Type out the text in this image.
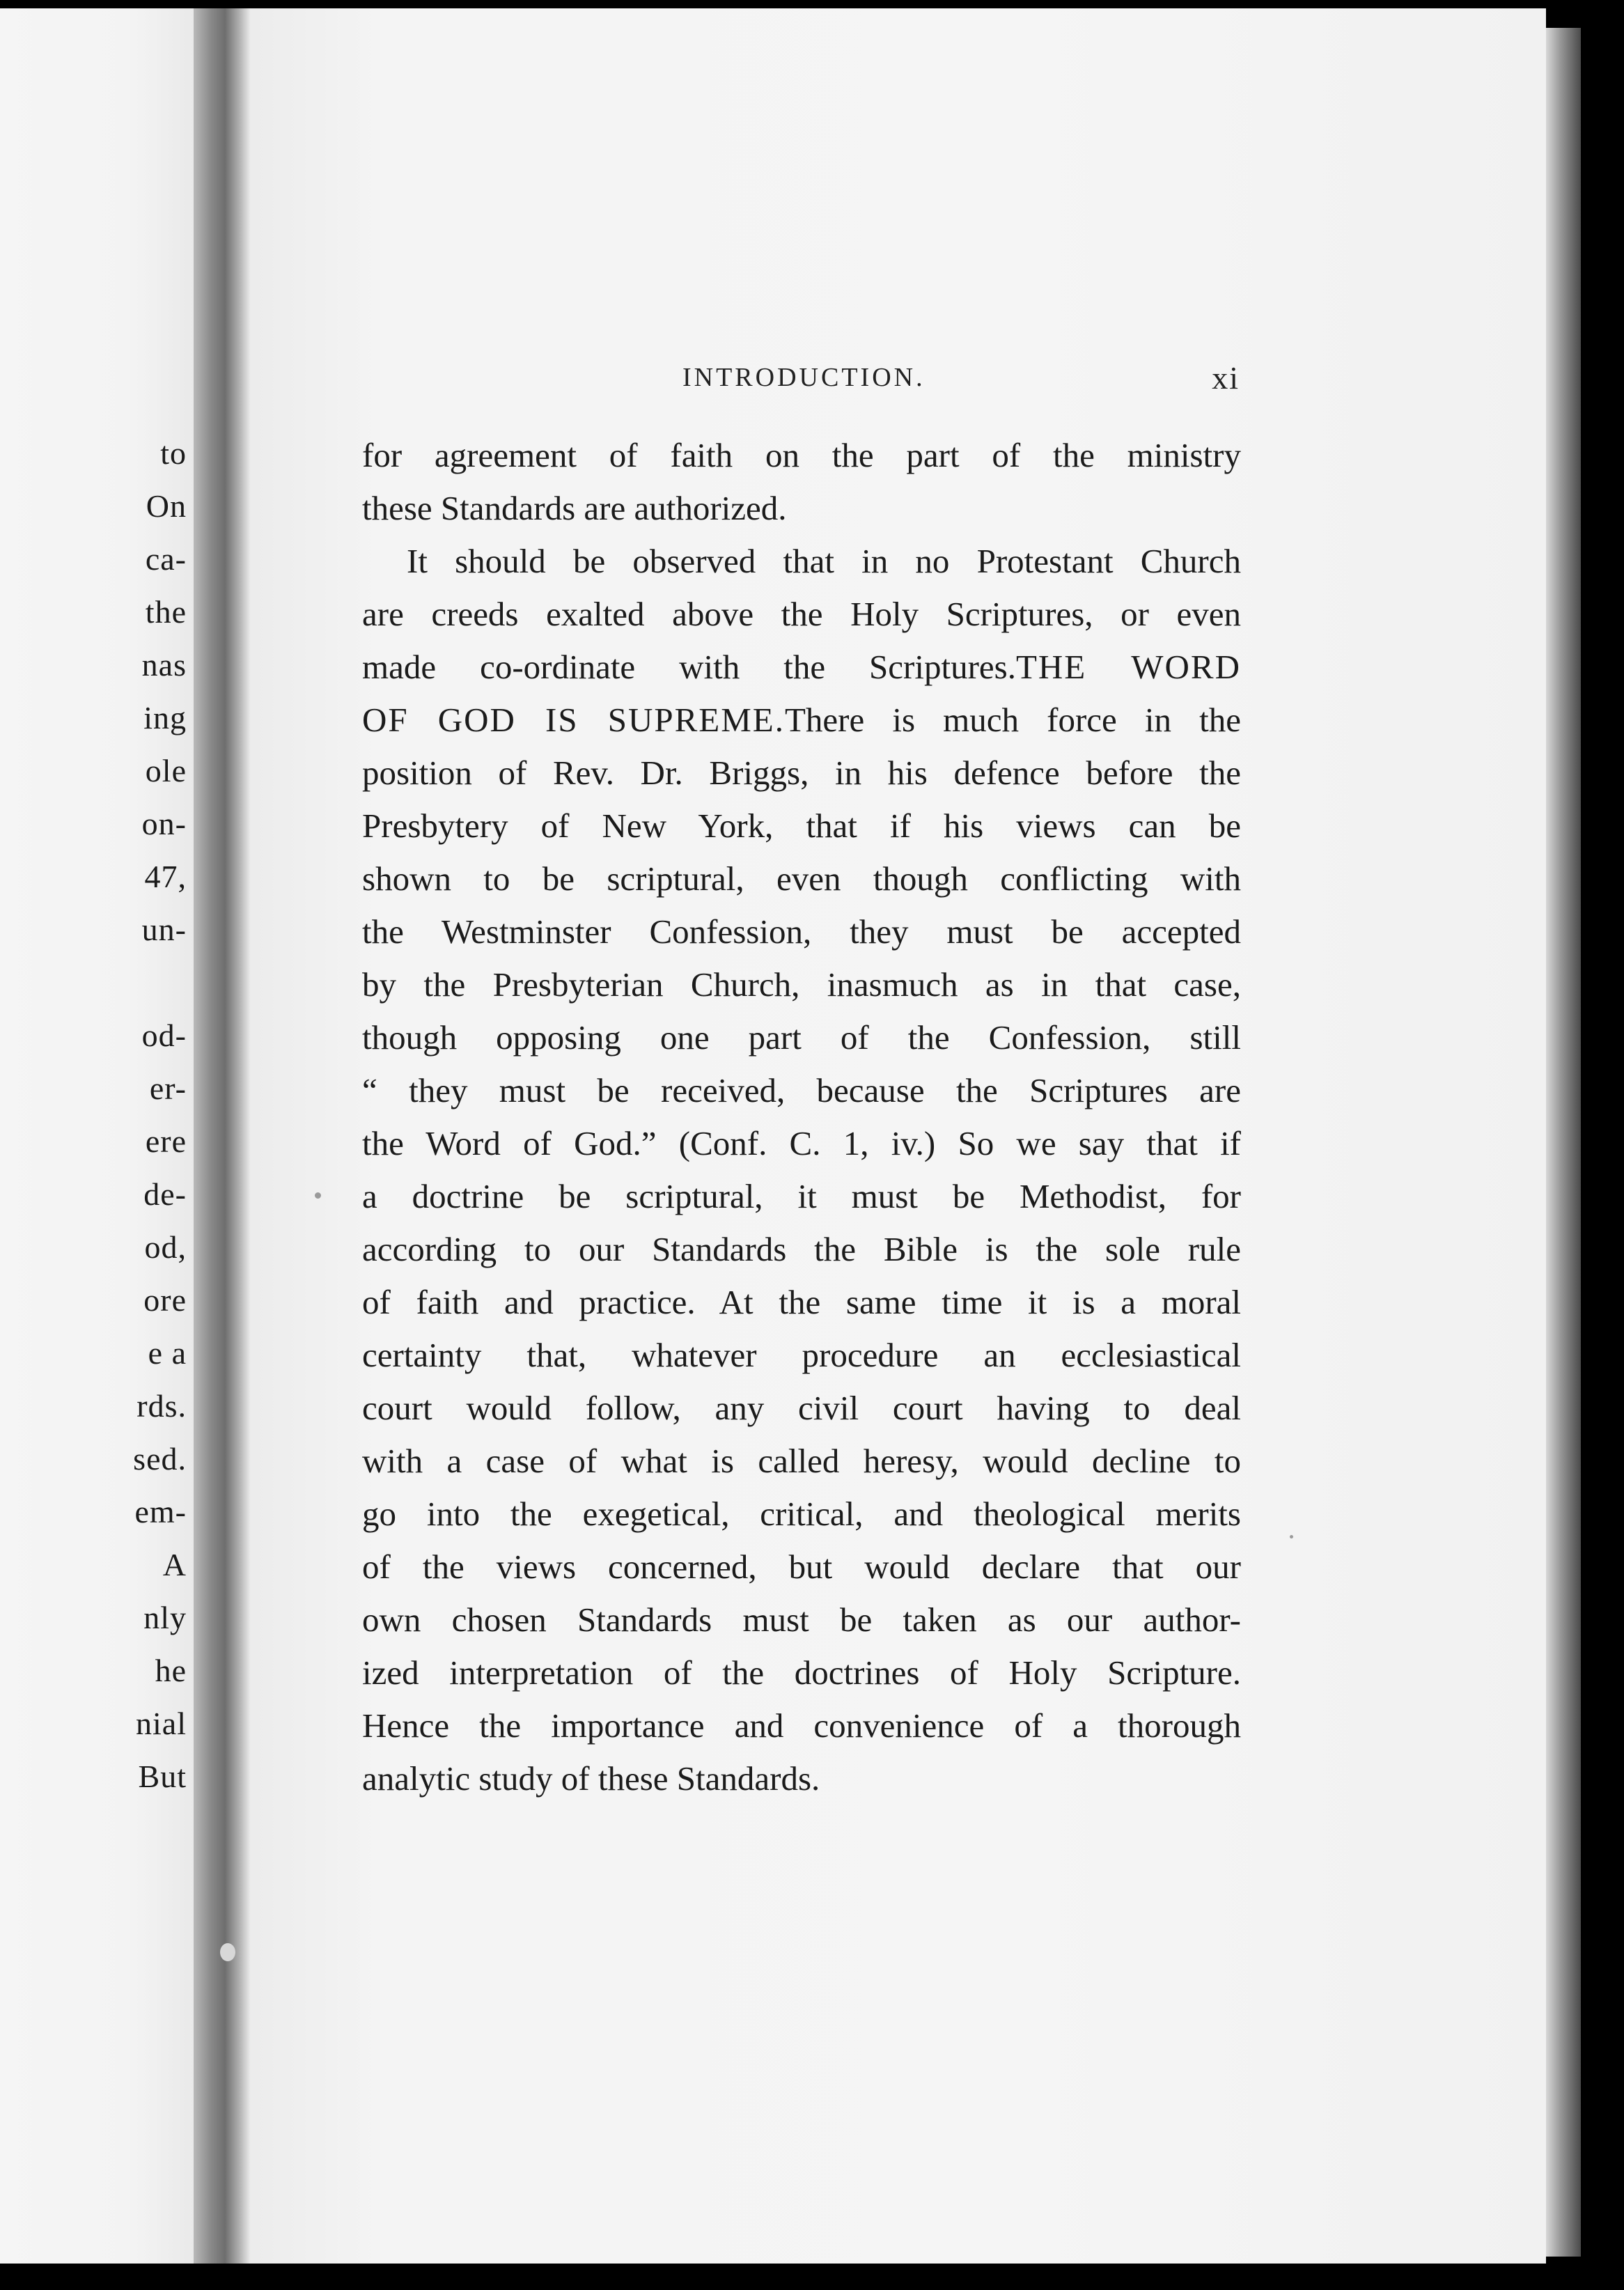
to
On
ca-
the
nas
ing
ole
on-
47,
un-
od-
er-
ere
de-
od,
ore
e a
rds.
sed.
em-
A
nly
he
nial
But
INTRODUCTION.	xi
for agreement of faith on the part of the ministry
these Standards are authorized.
It should be observed that in no Protestant Church
are creeds exalted above the Holy Scriptures, or even
made co-ordinate with the Scriptures.THE WORD
OF GOD IS SUPREME.There is much force in the
position of Rev. Dr. Briggs, in his defence before the
Presbytery of New York, that if his views can be
shown to be scriptural, even though conflicting with
the Westminster Confession, they must be accepted
by the Presbyterian Church, inasmuch as in that case,
though opposing one part of the Confession, still
“ they must be received, because the Scriptures are
the Word of God.” (Conf. C. 1, iv.) So we say that if
a doctrine be scriptural, it must be Methodist, for
according to our Standards the Bible is the sole rule
of faith and practice. At the same time it is a moral
certainty that, whatever procedure an ecclesiastical
court would follow, any civil court having to deal
with a case of what is called heresy, would decline to
go into the exegetical, critical, and theological merits
of the views concerned, but would declare that our
own chosen Standards must be taken as our author-
ized interpretation of the doctrines of Holy Scripture.
Hence the importance and convenience of a thorough
analytic study of these Standards.
